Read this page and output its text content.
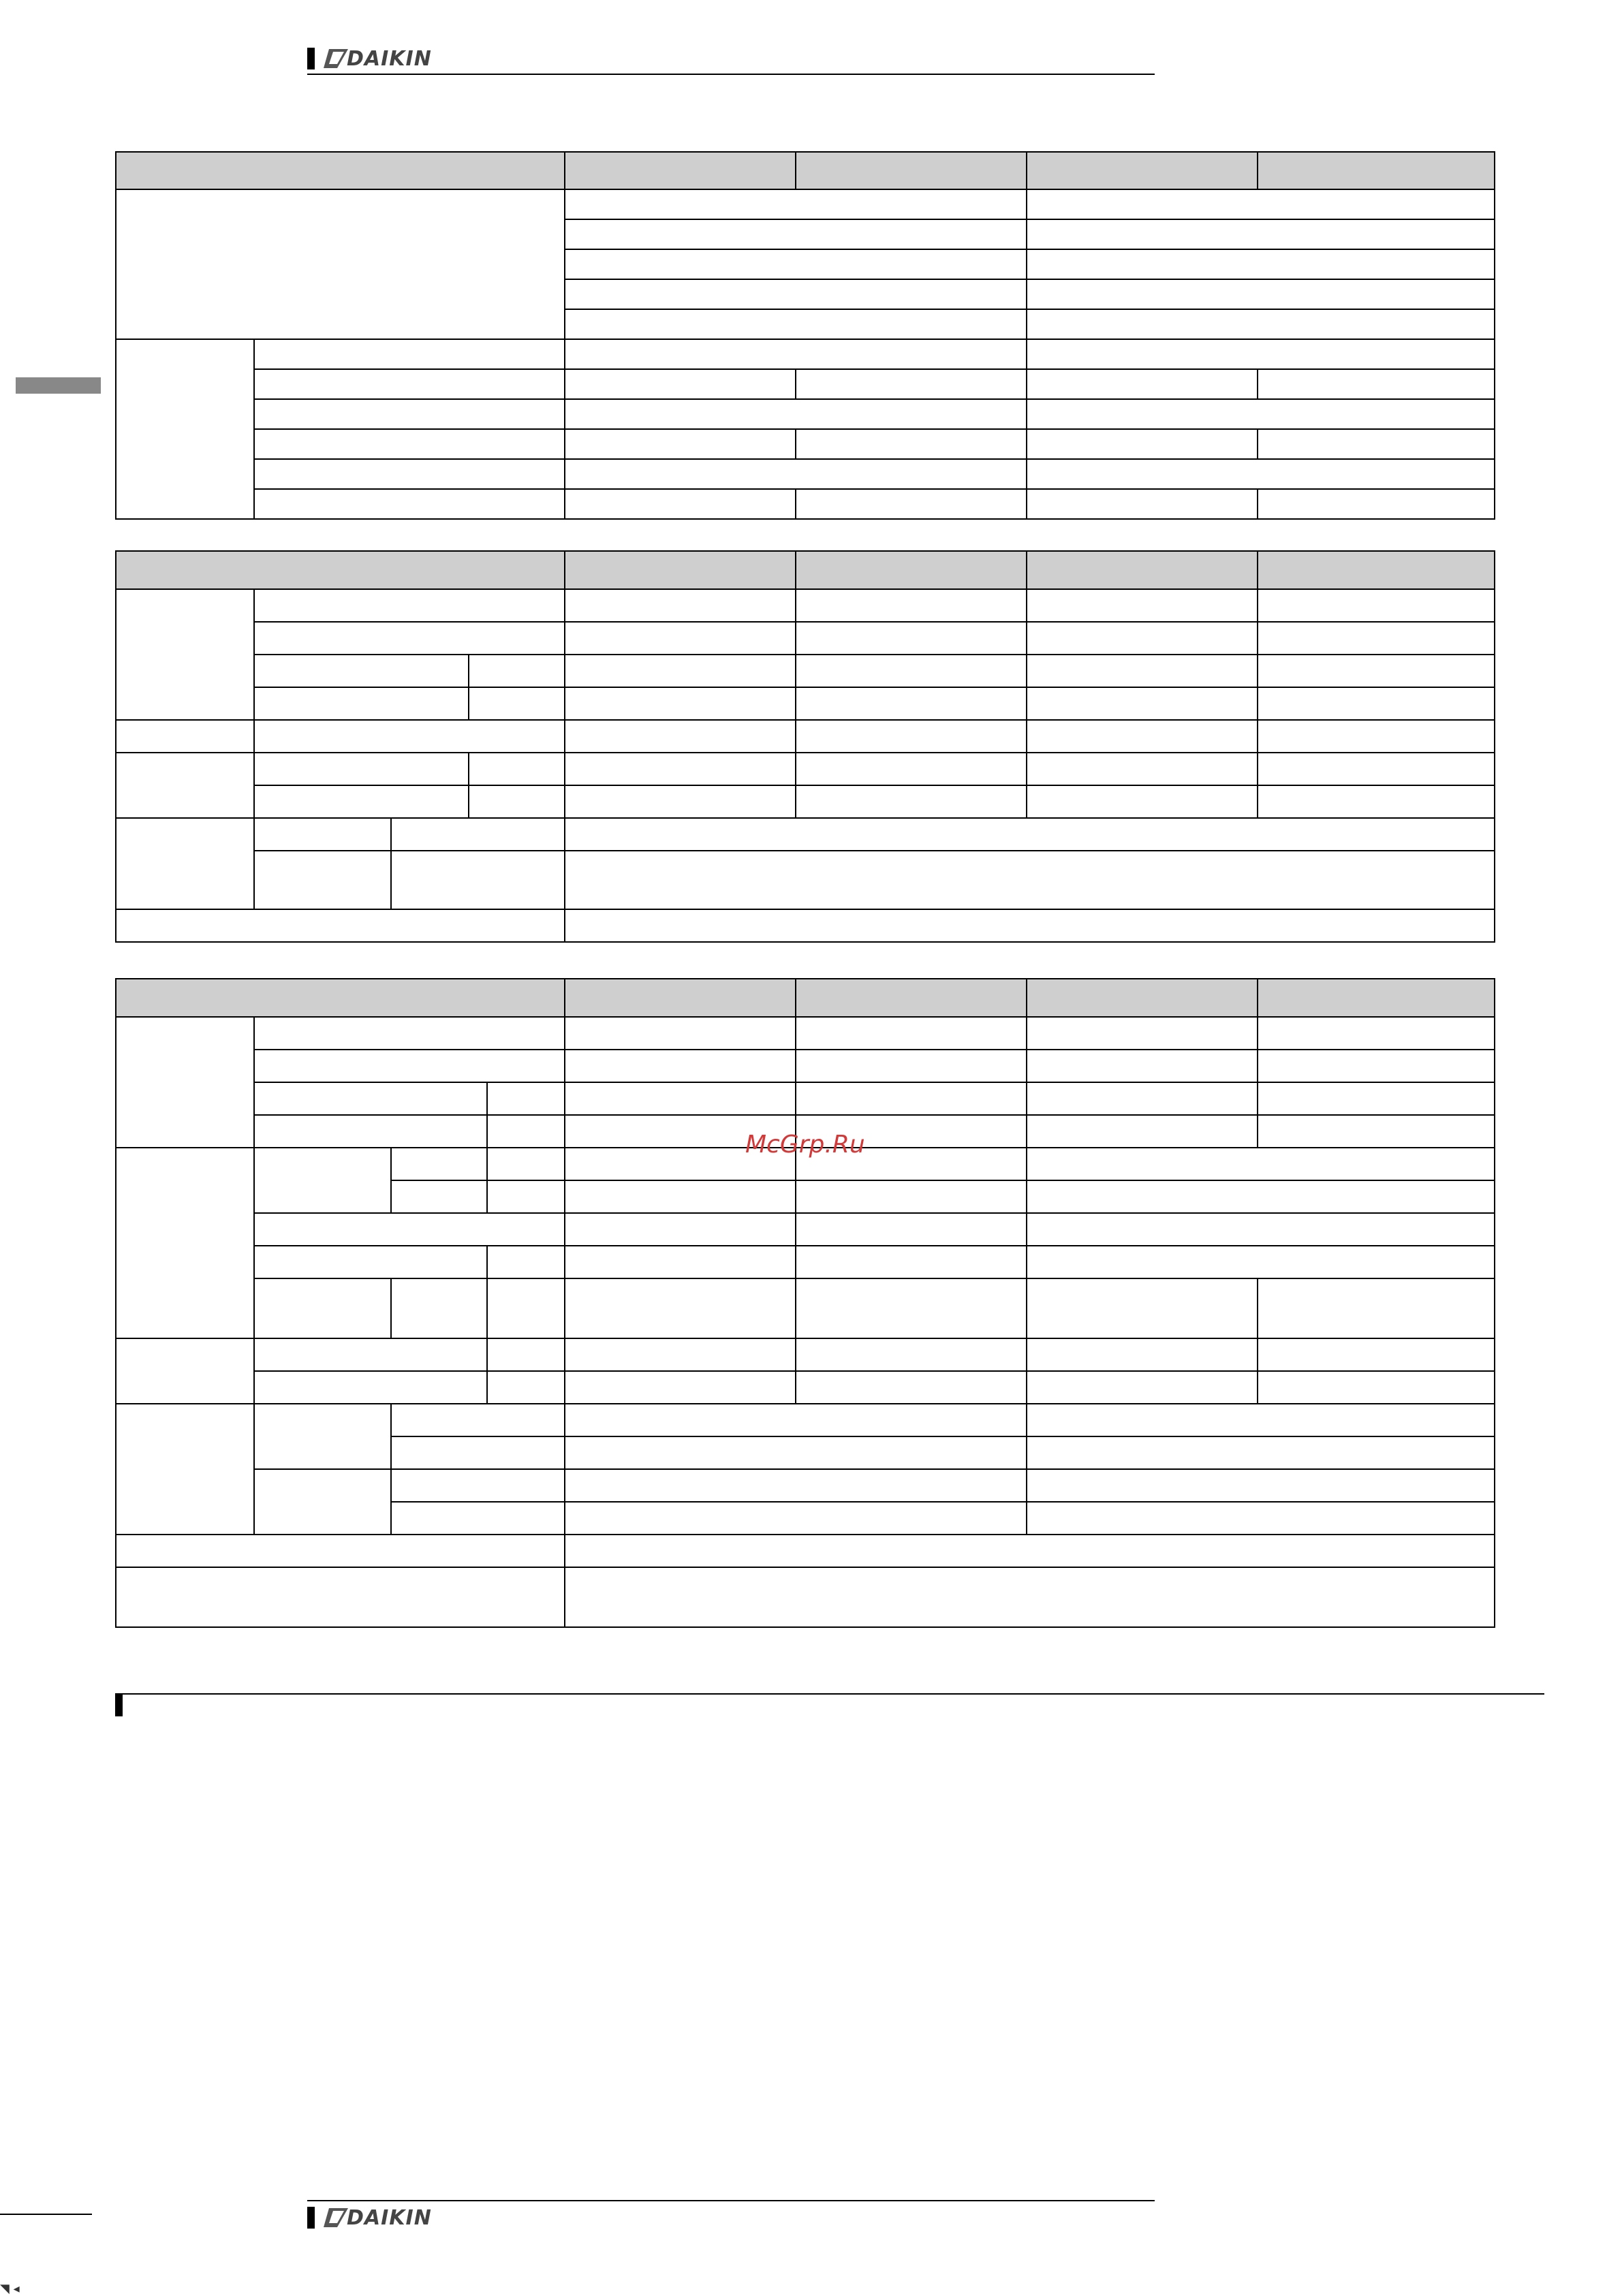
DAIKIN

McGrp.Ru
DAIKIN
◥ ◂
